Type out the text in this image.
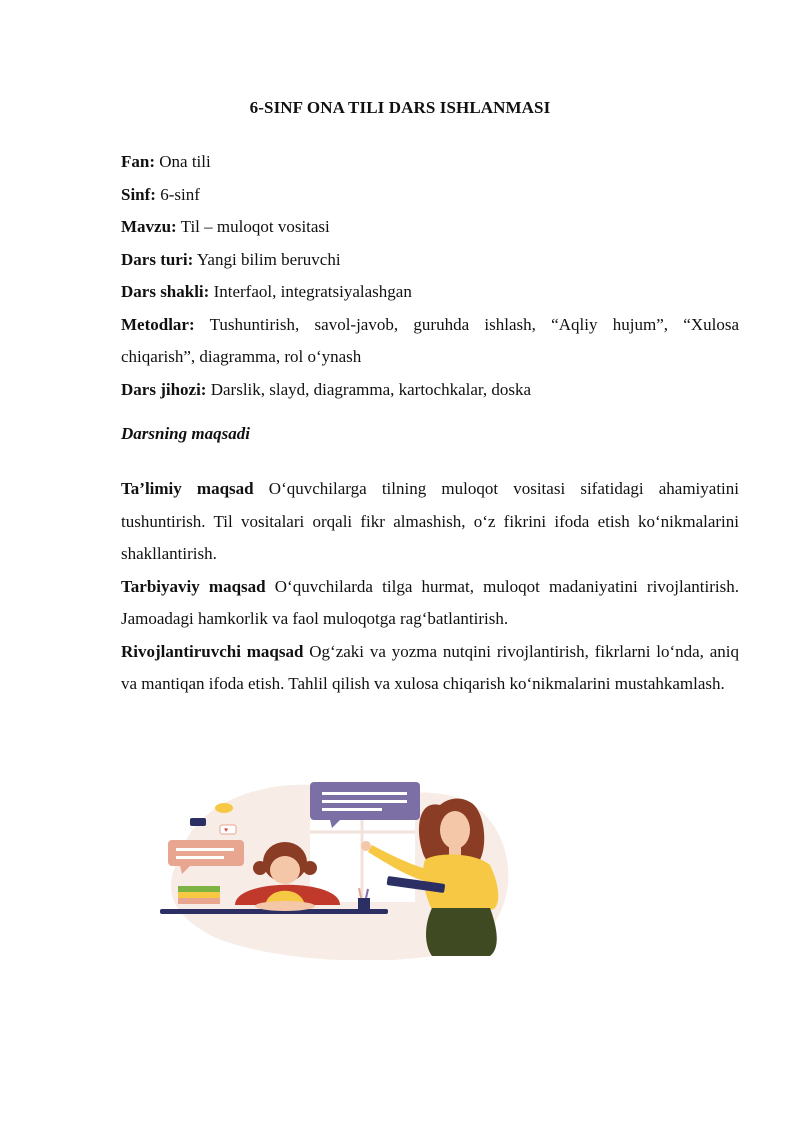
6-SINF ONA TILI DARS ISHLANMASI

Fan: Ona tili

Sinf: 6-sinf

Mavzu: Til – muloqot vositasi

Dars turi: Yangi bilim beruvchi

Dars shakli: Interfaol, integratsiyalashgan

Metodlar: Tushuntirish, savol-javob, guruhda ishlash, “Aqliy hujum”, “Xulosa chiqarish”, diagramma, rol o‘ynash

Dars jihozi: Darslik, slayd, diagramma, kartochkalar, doska

Darsning maqsadi

Ta’limiy maqsad O‘quvchilarga tilning muloqot vositasi sifatidagi ahamiyatini tushuntirish. Til vositalari orqali fikr almashish, o‘z fikrini ifoda etish ko‘nikmalarini shakllantirish.

Tarbiyaviy maqsad O‘quvchilarda tilga hurmat, muloqot madaniyatini rivojlantirish. Jamoadagi hamkorlik va faol muloqotga rag‘batlantirish.

Rivojlantiruvchi maqsad Og‘zaki va yozma nutqini rivojlantirish, fikrlarni lo‘nda, aniq va mantiqan ifoda etish. Tahlil qilish va xulosa chiqarish ko‘nikmalarini mustahkamlash.

♥
